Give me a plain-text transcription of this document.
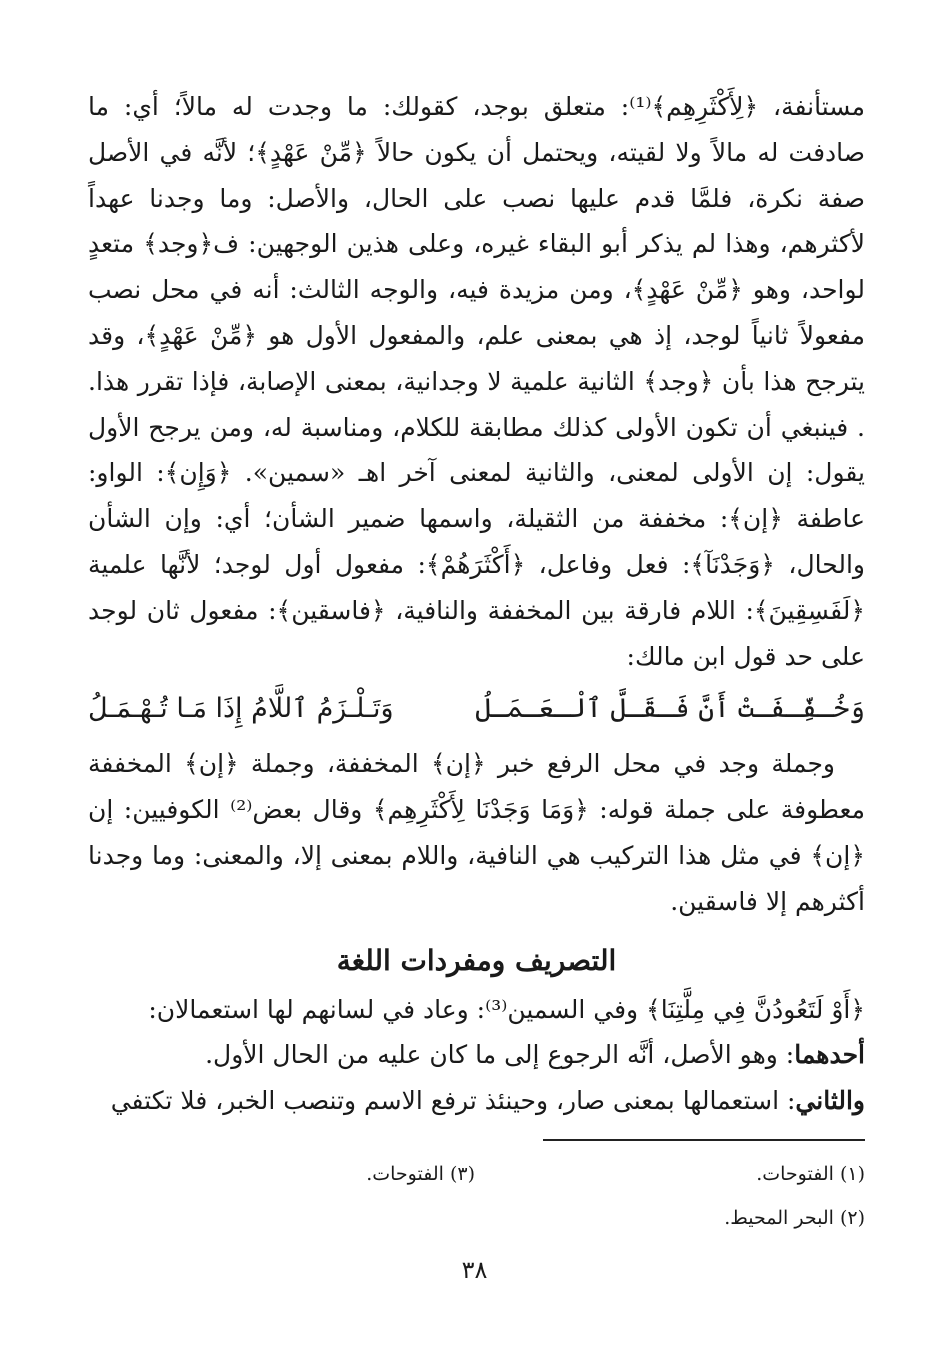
مستأنفة، ﴿لِأَكْثَرِهِم﴾⁽¹⁾: متعلق بوجد، كقولك: ما وجدت له مالاً؛ أي: ما صادفت له مالاً ولا لقيته، ويحتمل أن يكون حالاً ﴿مِّنْ عَهْدٍ﴾؛ لأنَّه في الأصل صفة نكرة، فلمَّا قدم عليها نصب على الحال، والأصل: وما وجدنا عهداً لأكثرهم، وهذا لم يذكر أبو البقاء غيره، وعلى هذين الوجهين: ف﴿وجد﴾ متعدٍ لواحد، وهو ﴿مِّنْ عَهْدٍ﴾، ومن مزيدة فيه، والوجه الثالث: أنه في محل نصب مفعولاً ثانياً لوجد، إذ هي بمعنى علم، والمفعول الأول هو ﴿مِّنْ عَهْدٍ﴾، وقد يترجح هذا بأن ﴿وجد﴾ الثانية علمية لا وجدانية، بمعنى الإصابة، فإذا تقرر هذا. . فينبغي أن تكون الأولى كذلك مطابقة للكلام، ومناسبة له، ومن يرجح الأول يقول: إن الأولى لمعنى، والثانية لمعنى آخر اهـ «سمين». ﴿وَإِن﴾: الواو: عاطفة ﴿إن﴾: مخففة من الثقيلة، واسمها ضمير الشأن؛ أي: وإن الشأن والحال، ﴿وَجَدْنَآ﴾: فعل وفاعل، ﴿أَكْثَرَهُمْ﴾: مفعول أول لوجد؛ لأنَّها علمية ﴿لَفَسِقِينَ﴾: اللام فارقة بين المخففة والنافية، ﴿فاسقين﴾: مفعول ثان لوجد على حد قول ابن مالك:

وَخُـفِّـفَـتْ أَنَّ فَـقَـلَّ ٱلْـعَـمَـلُ
وَتَـلْـزَمُ ٱللَّامُ إِذَا مَـا تُـهْـمَـلُ

وجملة وجد في محل الرفع خبر ﴿إن﴾ المخففة، وجملة ﴿إن﴾ المخففة معطوفة على جملة قوله: ﴿وَمَا وَجَدْنَا لِأَكْثَرِهِم﴾ وقال بعض⁽²⁾ الكوفيين: إن ﴿إن﴾ في مثل هذا التركيب هي النافية، واللام بمعنى إلا، والمعنى: وما وجدنا أكثرهم إلا فاسقين.

التصريف ومفردات اللغة

﴿أَوْ لَتَعُودُنَّ فِي مِلَّتِنَا﴾ وفي السمين⁽³⁾: وعاد في لسانهم لها استعمالان:

أحدهما: وهو الأصل، أنَّه الرجوع إلى ما كان عليه من الحال الأول.

والثاني: استعمالها بمعنى صار، وحينئذ ترفع الاسم وتنصب الخبر، فلا تكتفي

(١) الفتوحات.
(٣) الفتوحات.
(٢) البحر المحيط.
٣٨
